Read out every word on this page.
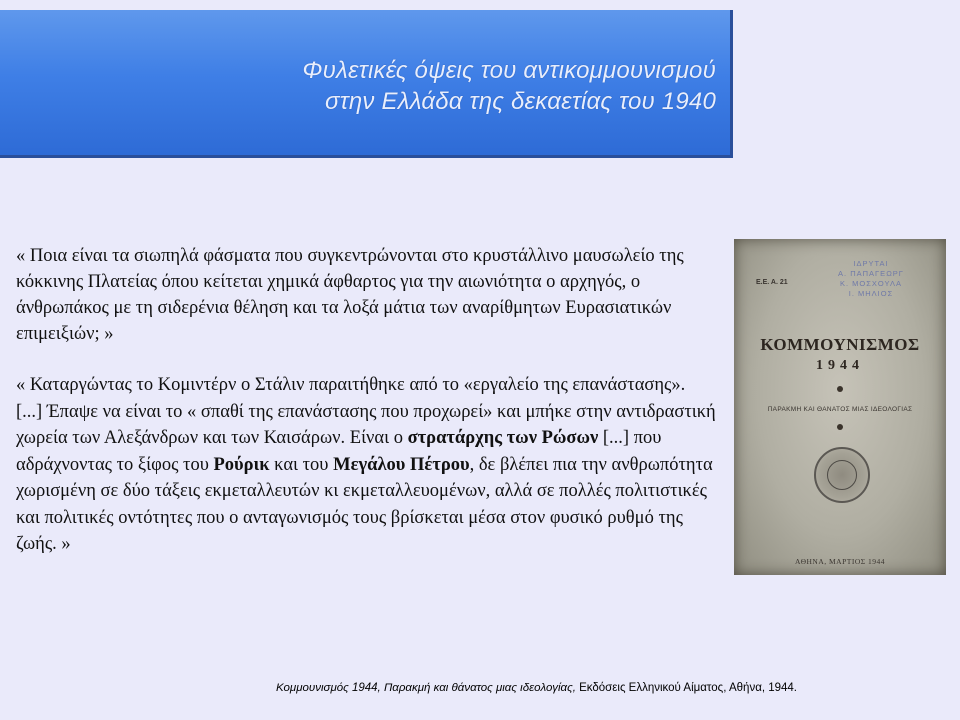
Φυλετικές όψεις του αντικομμουνισμού
στην Ελλάδα της δεκαετίας του 1940
« Ποια είναι τα σιωπηλά φάσματα που συγκεντρώνονται στο κρυστάλλινο μαυσωλείο της κόκκινης Πλατείας όπου κείτεται χημικά άφθαρτος για την αιωνιότητα ο αρχηγός, ο άνθρωπάκος με τη σιδερένια θέληση και τα λοξά μάτια των αναρίθμητων Ευρασιατικών επιμειξιών; »

« Καταργώντας το Κομιντέρν ο Στάλιν παραιτήθηκε από το «εργαλείο της επανάστασης». [...] Έπαψε να είναι το « σπαθί της επανάστασης που προχωρεί» και μπήκε στην αντιδραστική χωρεία των Αλεξάνδρων και των Καισάρων. Είναι ο στρατάρχης των Ρώσων [...] που αδράχνοντας το ξίφος του Ρούρικ και του Μεγάλου Πέτρου, δε βλέπει πια την ανθρωπότητα χωρισμένη σε δύο τάξεις εκμεταλλευτών κι εκμεταλλευομένων, αλλά σε πολλές πολιτιστικές και πολιτικές οντότητες που ο ανταγωνισμός τους βρίσκεται μέσα στον φυσικό ρυθμό της ζωής. »

Ε.Ε. Α. 21
ΙΔΡΥΤΑΙ
Α. ΠΑΠΑΓΕΩΡΓ
Κ. ΜΟΣΧΟΥΛΑ
Ι. ΜΗΛΙΟΣ
ΚΟΜΜΟΥΝΙΣΜΟΣ
1944
ΠΑΡΑΚΜΗ ΚΑΙ ΘΑΝΑΤΟΣ ΜΙΑΣ ΙΔΕΟΛΟΓΙΑΣ
ΑΘΗΝΑ, ΜΑΡΤΙΟΣ 1944
Κομμουνισμός 1944, Παρακμή και θάνατος μιας ιδεολογίας, Εκδόσεις Ελληνικού Αίματος, Αθήνα, 1944.
